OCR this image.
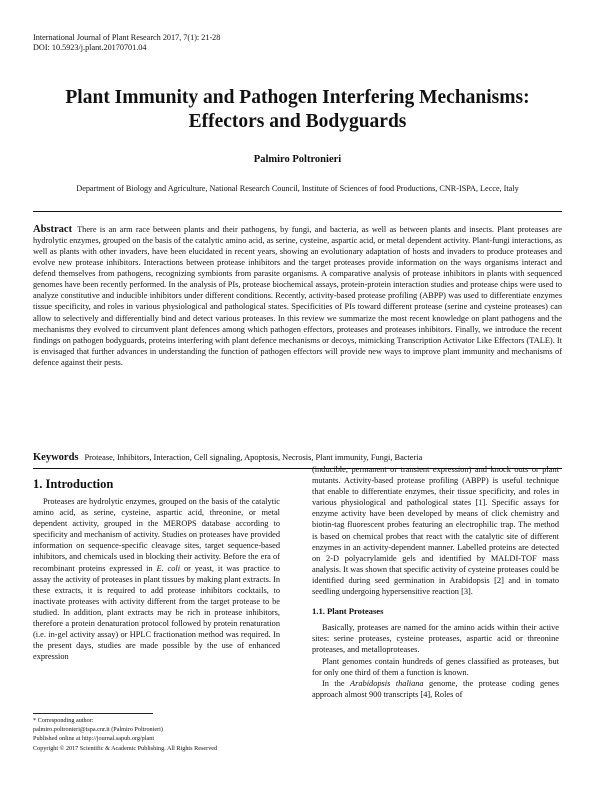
International Journal of Plant Research 2017, 7(1): 21-28
DOI: 10.5923/j.plant.20170701.04
Plant Immunity and Pathogen Interfering Mechanisms:
Effectors and Bodyguards
Palmiro Poltronieri
Department of Biology and Agriculture, National Research Council, Institute of Sciences of food Productions, CNR-ISPA, Lecce, Italy
Abstract There is an arm race between plants and their pathogens, by fungi, and bacteria, as well as between plants and insects. Plant proteases are hydrolytic enzymes, grouped on the basis of the catalytic amino acid, as serine, cysteine, aspartic acid, or metal dependent activity. Plant-fungi interactions, as well as plants with other invaders, have been elucidated in recent years, showing an evolutionary adaptation of hosts and invaders to produce proteases and evolve new protease inhibitors. Interactions between protease inhibitors and the target proteases provide information on the ways organisms interact and defend themselves from pathogens, recognizing symbionts from parasite organisms. A comparative analysis of protease inhibitors in plants with sequenced genomes have been recently performed. In the analysis of PIs, protease biochemical assays, protein-protein interaction studies and protease chips were used to analyze constitutive and inducible inhibitors under different conditions. Recently, activity-based protease profiling (ABPP) was used to differentiate enzymes tissue specificity, and roles in various physiological and pathological states. Specificities of PIs toward different protease (serine and cysteine proteases) can allow to selectively and differentially bind and detect various proteases. In this review we summarize the most recent knowledge on plant pathogens and the mechanisms they evolved to circumvent plant defences among which pathogen effectors, proteases and proteases inhibitors. Finally, we introduce the recent findings on pathogen bodyguards, proteins interfering with plant defence mechanisms or decoys, mimicking Transcription Activator Like Effectors (TALE). It is envisaged that further advances in understanding the function of pathogen effectors will provide new ways to improve plant immunity and mechanisms of defence against their pests.
Keywords Protease, Inhibitors, Interaction, Cell signaling, Apoptosis, Necrosis, Plant immunity, Fungi, Bacteria
1. Introduction

Proteases are hydrolytic enzymes, grouped on the basis of the catalytic amino acid, as serine, cysteine, aspartic acid, threonine, or metal dependent activity, grouped in the MEROPS database according to specificity and mechanism of activity. Studies on proteases have provided information on sequence-specific cleavage sites, target sequence-based inhibitors, and chemicals used in blocking their activity. Before the era of recombinant proteins expressed in E. coli or yeast, it was practice to assay the activity of proteases in plant tissues by making plant extracts. In these extracts, it is required to add protease inhibitors cocktails, to inactivate proteases with activity different from the target protease to be studied. In addition, plant extracts may be rich in protease inhibitors, therefore a protein denaturation protocol followed by protein renaturation (i.e. in-gel activity assay) or HPLC fractionation method was required. In the present days, studies are made possible by the use of enhanced expression

(inducible, permanent or transient expression) and knock outs or plant mutants. Activity-based protease profiling (ABPP) is useful technique that enable to differentiate enzymes, their tissue specificity, and roles in various physiological and pathological states [1]. Specific assays for enzyme activity have been developed by means of click chemistry and biotin-tag fluorescent probes featuring an electrophilic trap. The method is based on chemical probes that react with the catalytic site of different enzymes in an activity-dependent manner. Labelled proteins are detected on 2-D polyacrylamide gels and identified by MALDI-TOF mass analysis. It was shown that specific activity of cysteine proteases could be identified during seed germination in Arabidopsis [2] and in tomato seedling undergoing hypersensitive reaction [3].

1.1. Plant Proteases

Basically, proteases are named for the amino acids within their active sites: serine proteases, cysteine proteases, aspartic acid or threonine proteases, and metalloproteases.

Plant genomes contain hundreds of genes classified as proteases, but for only one third of them a function is known.

In the Arabidopsis thaliana genome, the protease coding genes approach almost 900 transcripts [4], Roles of

* Corresponding author:
palmiro.poltronieri@ispa.cnr.it (Palmiro Poltronieri)
Published online at http://journal.sapub.org/plant
Copyright © 2017 Scientific & Academic Publishing. All Rights Reserved
